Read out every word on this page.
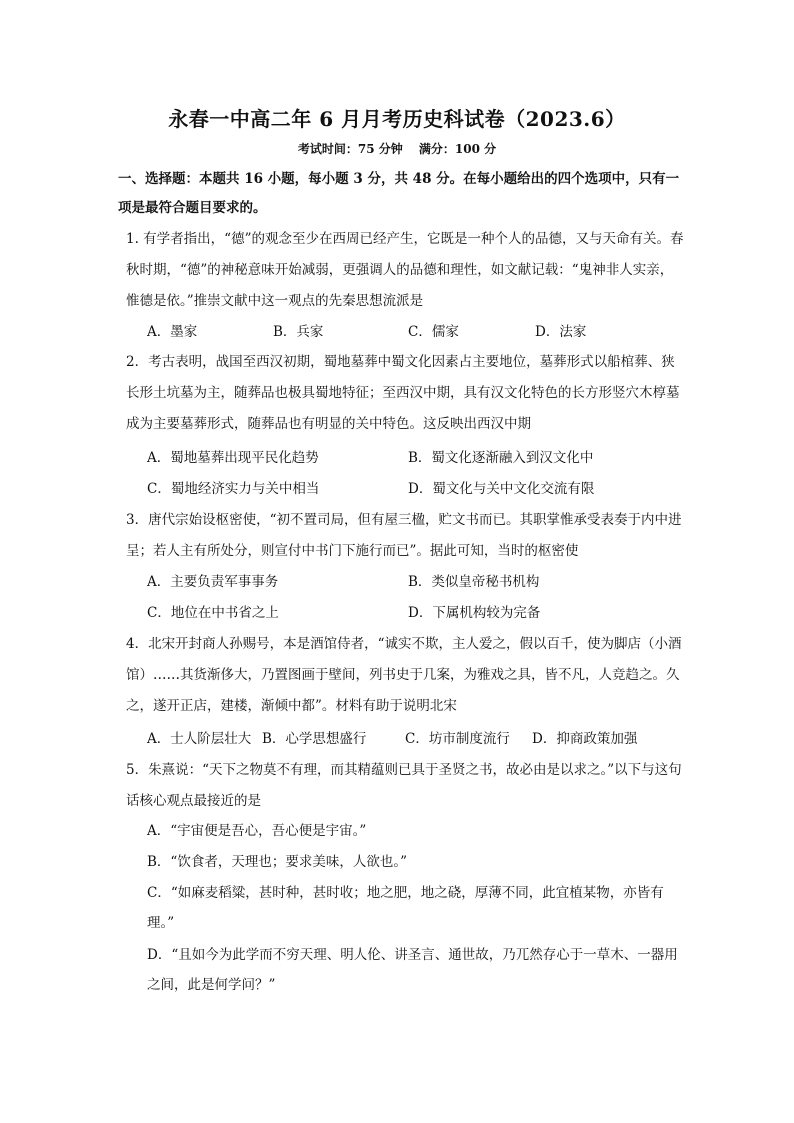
永春一中高二年 6 月月考历史科试卷（2023.6）
考试时间：75 分钟　 满分：100 分
一、选择题：本题共 16 小题，每小题 3 分，共 48 分。在每小题给出的四个选项中，只有一项是最符合题目要求的。
1. 有学者指出，“德”的观念至少在西周已经产生，它既是一种个人的品德，又与天命有关。春秋时期，“德”的神秘意味开始减弱，更强调人的品德和理性，如文献记载：“鬼神非人实亲，惟德是依。”推崇文献中这一观点的先秦思想流派是
A．墨家	B．兵家	C．儒家	D．法家
2．考古表明，战国至西汉初期，蜀地墓葬中蜀文化因素占主要地位，墓葬形式以船棺葬、狭长形土坑墓为主，随葬品也极具蜀地特征；至西汉中期，具有汉文化特色的长方形竖穴木椁墓成为主要墓葬形式，随葬品也有明显的关中特色。这反映出西汉中期
A．蜀地墓葬出现平民化趋势	B．蜀文化逐渐融入到汉文化中
C．蜀地经济实力与关中相当	D．蜀文化与关中文化交流有限
3．唐代宗始设枢密使，“初不置司局，但有屋三楹，贮文书而已。其职掌惟承受表奏于内中进呈；若人主有所处分，则宣付中书门下施行而已”。据此可知，当时的枢密使
A．主要负责军事事务	B．类似皇帝秘书机构
C．地位在中书省之上	D．下属机构较为完备
4．北宋开封商人孙赐号，本是酒馆侍者，“诚实不欺，主人爱之，假以百千，使为脚店（小酒馆）……其货渐侈大，乃置图画于壁间，列书史于几案，为雅戏之具，皆不凡，人竞趋之。久之，遂开正店，建楼，渐倾中都”。材料有助于说明北宋
A．士人阶层壮大 B．心学思想盛行	C．坊市制度流行 D．抑商政策加强
5．朱熹说：“天下之物莫不有理，而其精蕴则已具于圣贤之书，故必由是以求之。”以下与这句话核心观点最接近的是
A．“宇宙便是吾心，吾心便是宇宙。”
B．“饮食者，天理也；要求美味，人欲也。”
C．“如麻麦稻粱，甚时种，甚时收；地之肥，地之硗，厚薄不同，此宜植某物，亦皆有理。”
D．“且如今为此学而不穷天理、明人伦、讲圣言、通世故，乃兀然存心于一草木、一器用之间，此是何学问？”
